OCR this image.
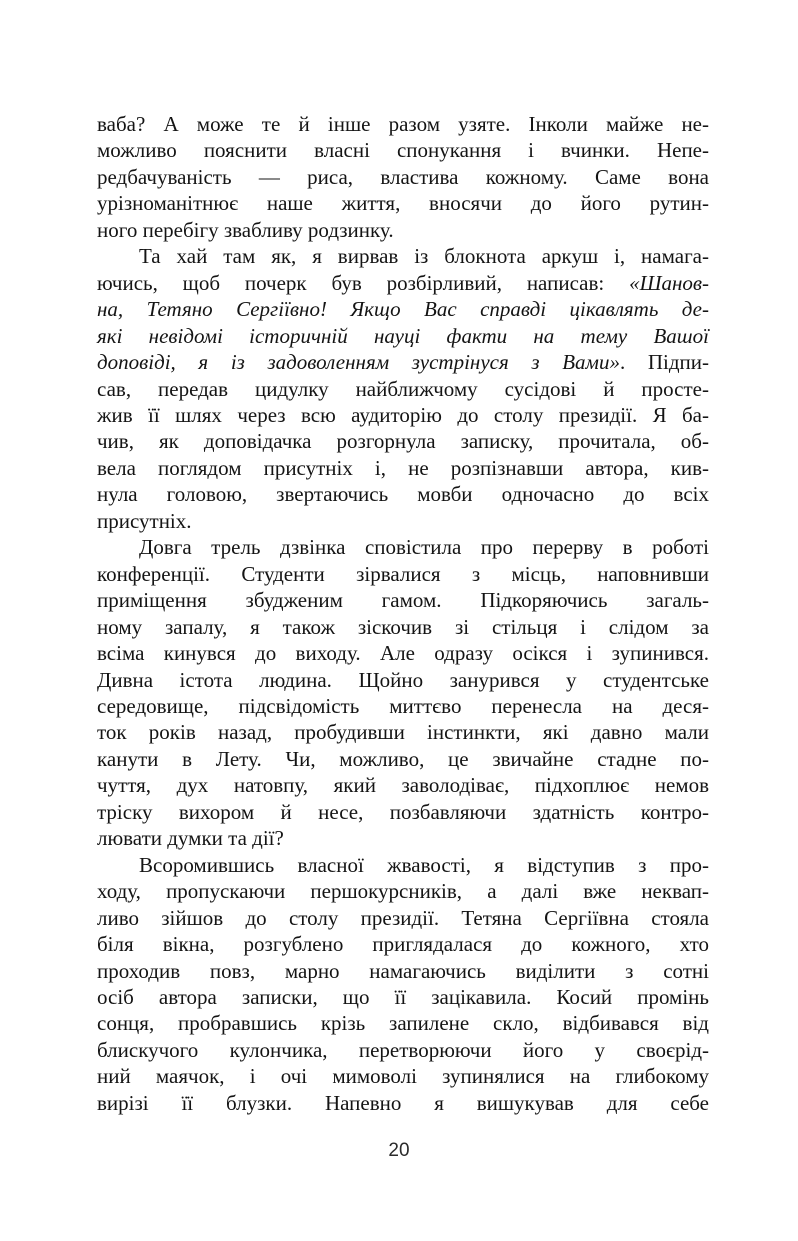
ваба? А може те й інше разом узяте. Інколи майже не-
можливо пояснити власні спонукання і вчинки. Непе-
редбачуваність — риса, властива кожному. Саме вона
урізноманітнює наше життя, вносячи до його рутин-
ного перебігу звабливу родзинку.
Та хай там як, я вирвав із блокнота аркуш і, намага-
ючись, щоб почерк був розбірливий, написав: «Шанов-
на, Тетяно Сергіївно! Якщо Вас справді цікавлять де-
які невідомі історичній науці факти на тему Вашої
доповіді, я із задоволенням зустрінуся з Вами». Підпи-
сав, передав цидулку найближчому сусідові й просте-
жив її шлях через всю аудиторію до столу президії. Я ба-
чив, як доповідачка розгорнула записку, прочитала, об-
вела поглядом присутніх і, не розпізнавши автора, кив-
нула головою, звертаючись мовби одночасно до всіх
присутніх.
Довга трель дзвінка сповістила про перерву в роботі
конференції. Студенти зірвалися з місць, наповнивши
приміщення збудженим гамом. Підкоряючись загаль-
ному запалу, я також зіскочив зі стільця і слідом за
всіма кинувся до виходу. Але одразу осікся і зупинився.
Дивна істота людина. Щойно занурився у студентське
середовище, підсвідомість миттєво перенесла на деся-
ток років назад, пробудивши інстинкти, які давно мали
канути в Лету. Чи, можливо, це звичайне стадне по-
чуття, дух натовпу, який заволодіває, підхоплює немов
тріску вихором й несе, позбавляючи здатність контро-
лювати думки та дії?
Всоромившись власної жвавості, я відступив з про-
ходу, пропускаючи першокурсників, а далі вже неквап-
ливо зійшов до столу президії. Тетяна Сергіївна стояла
біля вікна, розгублено приглядалася до кожного, хто
проходив повз, марно намагаючись виділити з сотні
осіб автора записки, що її зацікавила. Косий промінь
сонця, пробравшись крізь запилене скло, відбивався від
блискучого кулончика, перетворюючи його у своєрід-
ний маячок, і очі мимоволі зупинялися на глибокому
вирізі її блузки. Напевно я вишукував для себе
20
